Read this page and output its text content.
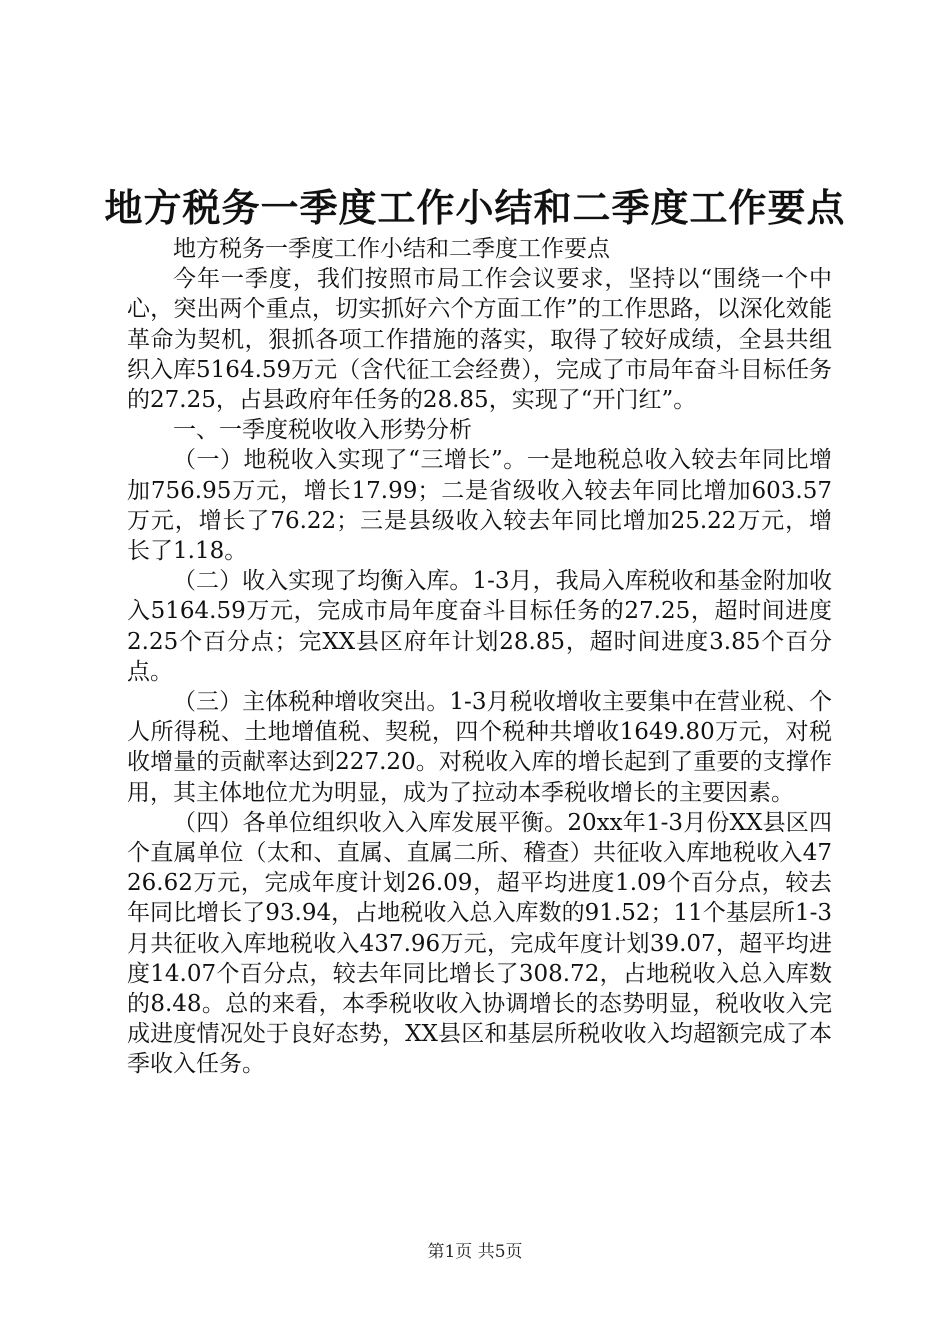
地方税务一季度工作小结和二季度工作要点

地方税务一季度工作小结和二季度工作要点

今年一季度，我们按照市局工作会议要求，坚持以“围绕一个中心，突出两个重点，切实抓好六个方面工作”的工作思路，以深化效能革命为契机，狠抓各项工作措施的落实，取得了较好成绩，全县共组织入库5164.59万元（含代征工会经费），完成了市局年奋斗目标任务的27.25，占县政府年任务的28.85，实现了“开门红”。

一、一季度税收收入形势分析

（一）地税收入实现了“三增长”。一是地税总收入较去年同比增加756.95万元，增长17.99；二是省级收入较去年同比增加603.57万元，增长了76.22；三是县级收入较去年同比增加25.22万元，增长了1.18。

（二）收入实现了均衡入库。1-3月，我局入库税收和基金附加收入5164.59万元，完成市局年度奋斗目标任务的27.25，超时间进度2.25个百分点；完XX县区府年计划28.85，超时间进度3.85个百分点。

（三）主体税种增收突出。1-3月税收增收主要集中在营业税、个人所得税、土地增值税、契税，四个税种共增收1649.80万元，对税收增量的贡献率达到227.20。对税收入库的增长起到了重要的支撑作用，其主体地位尤为明显，成为了拉动本季税收增长的主要因素。

（四）各单位组织收入入库发展平衡。20xx年1-3月份XX县区四个直属单位（太和、直属、直属二所、稽查）共征收入库地税收入4726.62万元，完成年度计划26.09，超平均进度1.09个百分点，较去年同比增长了93.94，占地税收入总入库数的91.52；11个基层所1-3月共征收入库地税收入437.96万元，完成年度计划39.07，超平均进度14.07个百分点，较去年同比增长了308.72，占地税收入总入库数的8.48。总的来看，本季税收收入协调增长的态势明显，税收收入完成进度情况处于良好态势，XX县区和基层所税收收入均超额完成了本季收入任务。

第1页 共5页
